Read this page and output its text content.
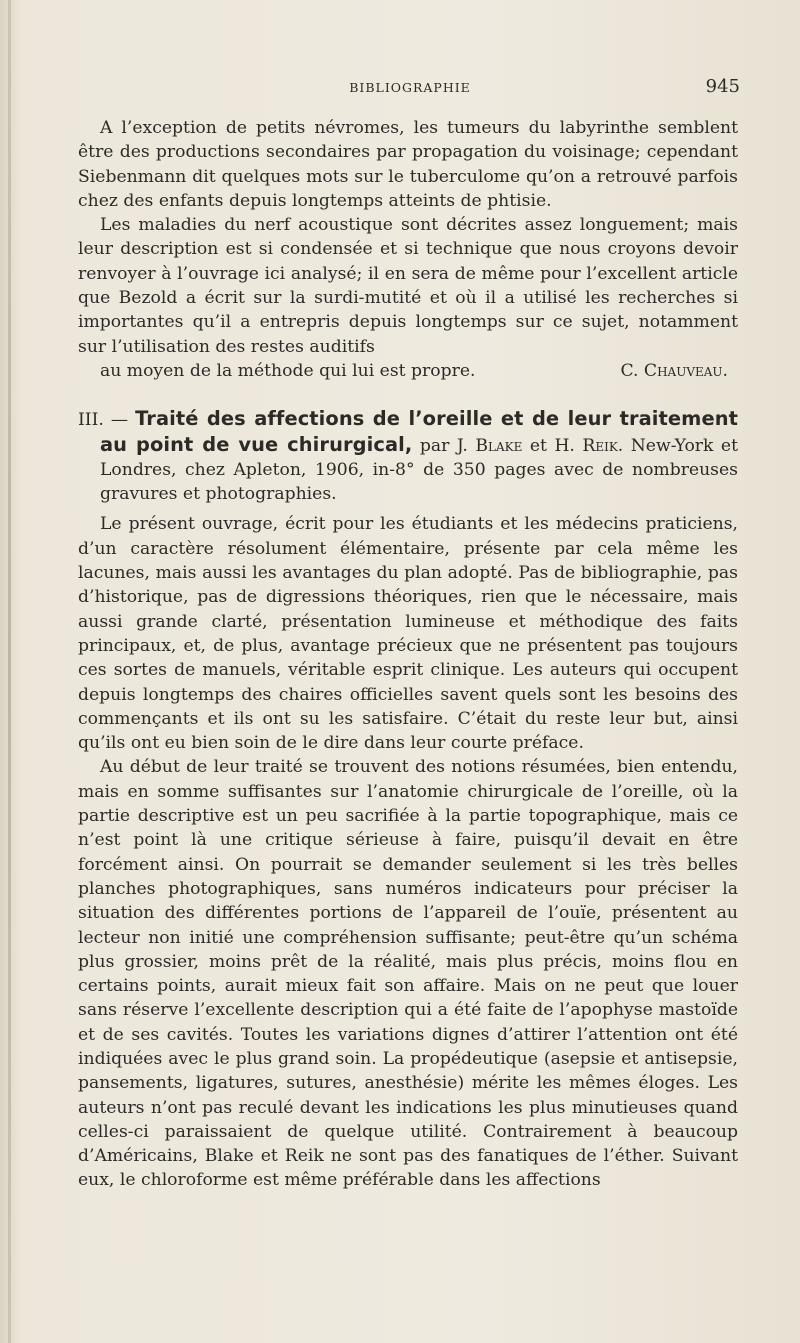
BIBLIOGRAPHIE	945

A l’exception de petits névromes, les tumeurs du labyrinthe semblent être des productions secondaires par propagation du voisinage; cependant Siebenmann dit quelques mots sur le tuberculome qu’on a retrouvé parfois chez des enfants depuis longtemps atteints de phtisie.

Les maladies du nerf acoustique sont décrites assez longuement; mais leur description est si condensée et si technique que nous croyons devoir renvoyer à l’ouvrage ici analysé; il en sera de même pour l’excellent article que Bezold a écrit sur la surdi-mutité et où il a utilisé les recherches si importantes qu’il a entrepris depuis longtemps sur ce sujet, notamment sur l’utilisation des restes auditifs
au moyen de la méthode qui lui est propre.	C. Chauveau.

III. — Traité des affections de l’oreille et de leur traitement au point de vue chirurgical, par J. Blake et H. Reik. New-York et Londres, chez Apleton, 1906, in-8° de 350 pages avec de nombreuses gravures et photographies.

Le présent ouvrage, écrit pour les étudiants et les médecins praticiens, d’un caractère résolument élémentaire, présente par cela même les lacunes, mais aussi les avantages du plan adopté. Pas de bibliographie, pas d’historique, pas de digressions théoriques, rien que le nécessaire, mais aussi grande clarté, présentation lumineuse et méthodique des faits principaux, et, de plus, avantage précieux que ne présentent pas toujours ces sortes de manuels, véritable esprit clinique. Les auteurs qui occupent depuis longtemps des chaires officielles savent quels sont les besoins des commençants et ils ont su les satisfaire. C’était du reste leur but, ainsi qu’ils ont eu bien soin de le dire dans leur courte préface.

Au début de leur traité se trouvent des notions résumées, bien entendu, mais en somme suffisantes sur l’anatomie chirurgicale de l’oreille, où la partie descriptive est un peu sacrifiée à la partie topographique, mais ce n’est point là une critique sérieuse à faire, puisqu’il devait en être forcément ainsi. On pourrait se demander seulement si les très belles planches photographiques, sans numéros indicateurs pour préciser la situation des différentes portions de l’appareil de l’ouïe, présentent au lecteur non initié une compréhension suffisante; peut-être qu’un schéma plus grossier, moins prêt de la réalité, mais plus précis, moins flou en certains points, aurait mieux fait son affaire. Mais on ne peut que louer sans réserve l’excellente description qui a été faite de l’apophyse mastoïde et de ses cavités. Toutes les variations dignes d’attirer l’attention ont été indiquées avec le plus grand soin. La propédeutique (asepsie et antisepsie, pansements, ligatures, sutures, anesthésie) mérite les mêmes éloges. Les auteurs n’ont pas reculé devant les indications les plus minutieuses quand celles-ci paraissaient de quelque utilité. Contrairement à beaucoup d’Américains, Blake et Reik ne sont pas des fanatiques de l’éther. Suivant eux, le chloroforme est même préférable dans les affections
